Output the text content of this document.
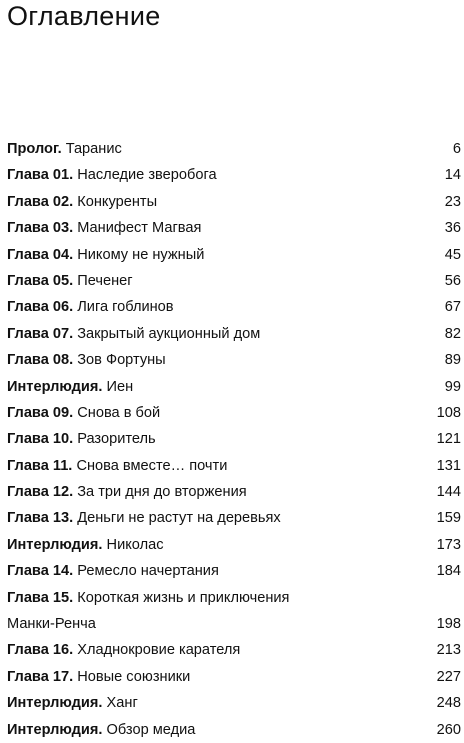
Оглавление
Пролог. Таранис	6
Глава 01. Наследие зверобога	14
Глава 02. Конкуренты	23
Глава 03. Манифест Магвая	36
Глава 04. Никому не нужный	45
Глава 05. Печенег	56
Глава 06. Лига гоблинов	67
Глава 07. Закрытый аукционный дом	82
Глава 08. Зов Фортуны	89
Интерлюдия. Иен	99
Глава 09. Снова в бой	108
Глава 10. Разоритель	121
Глава 11. Снова вместе… почти	131
Глава 12. За три дня до вторжения	144
Глава 13. Деньги не растут на деревьях	159
Интерлюдия. Николас	173
Глава 14. Ремесло начертания	184
Глава 15. Короткая жизнь и приключения
Манки-Ренча	198
Глава 16. Хладнокровие карателя	213
Глава 17. Новые союзники	227
Интерлюдия. Ханг	248
Интерлюдия. Обзор медиа	260
